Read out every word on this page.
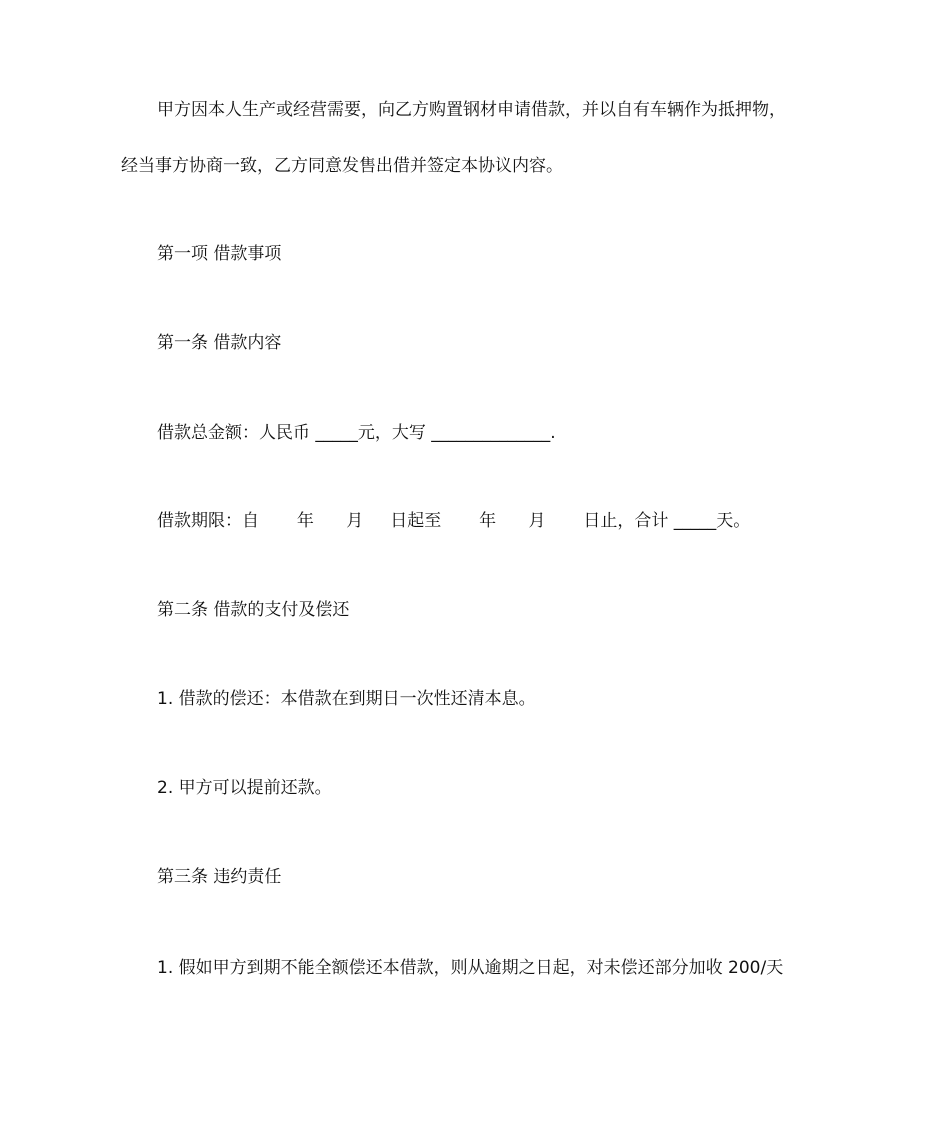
甲方因本人生产或经营需要，向乙方购置钢材申请借款，并以自有车辆作为抵押物，
经当事方协商一致，乙方同意发售出借并签定本协议内容。
第一项 借款事项
第一条 借款内容
借款总金额：人民币 _____元，大写 ______________.
借款期限：自       年      月     日起至       年      月       日止，合计 _____天。
第二条 借款的支付及偿还
1. 借款的偿还：本借款在到期日一次性还清本息。
2. 甲方可以提前还款。
第三条 违约责任
1. 假如甲方到期不能全额偿还本借款，则从逾期之日起，对未偿还部分加收 200/天
